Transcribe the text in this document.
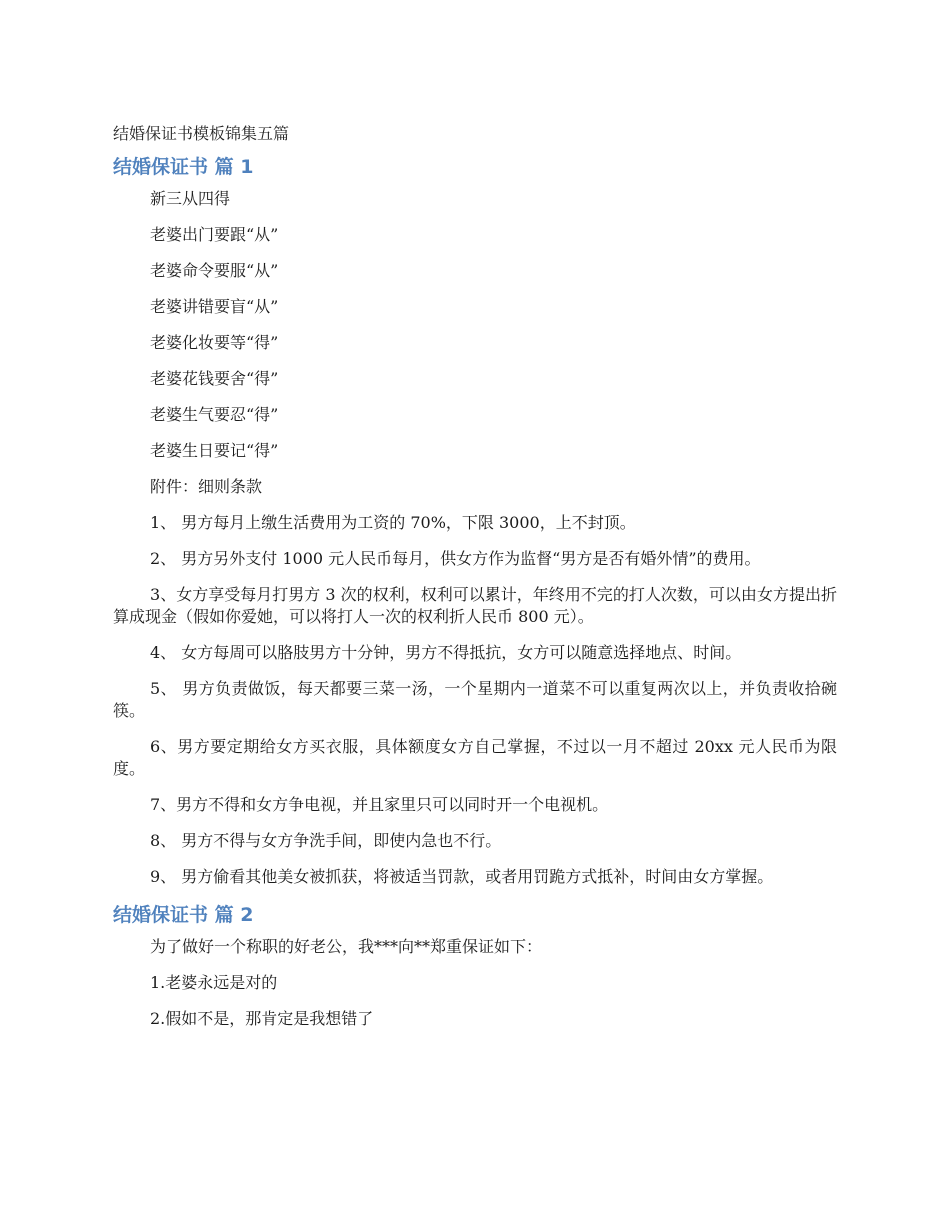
结婚保证书模板锦集五篇
结婚保证书 篇 1

新三从四得

老婆出门要跟“从”

老婆命令要服“从”

老婆讲错要盲“从”

老婆化妆要等“得”

老婆花钱要舍“得”

老婆生气要忍“得”

老婆生日要记“得”

附件：细则条款

1、 男方每月上缴生活费用为工资的 70%，下限 3000，上不封顶。

2、 男方另外支付 1000 元人民币每月，供女方作为监督“男方是否有婚外情”的费用。

3、女方享受每月打男方 3 次的权利，权利可以累计，年终用不完的打人次数，可以由女方提出折算成现金（假如你爱她，可以将打人一次的权利折人民币 800 元）。

4、 女方每周可以胳肢男方十分钟，男方不得抵抗，女方可以随意选择地点、时间。

5、 男方负责做饭，每天都要三菜一汤，一个星期内一道菜不可以重复两次以上，并负责收拾碗筷。

6、男方要定期给女方买衣服，具体额度女方自己掌握，不过以一月不超过 20xx 元人民币为限度。

7、男方不得和女方争电视，并且家里只可以同时开一个电视机。

8、 男方不得与女方争洗手间，即使内急也不行。

9、 男方偷看其他美女被抓获，将被适当罚款，或者用罚跪方式抵补，时间由女方掌握。

结婚保证书 篇 2

为了做好一个称职的好老公，我***向**郑重保证如下：

1.老婆永远是对的

2.假如不是，那肯定是我想错了
